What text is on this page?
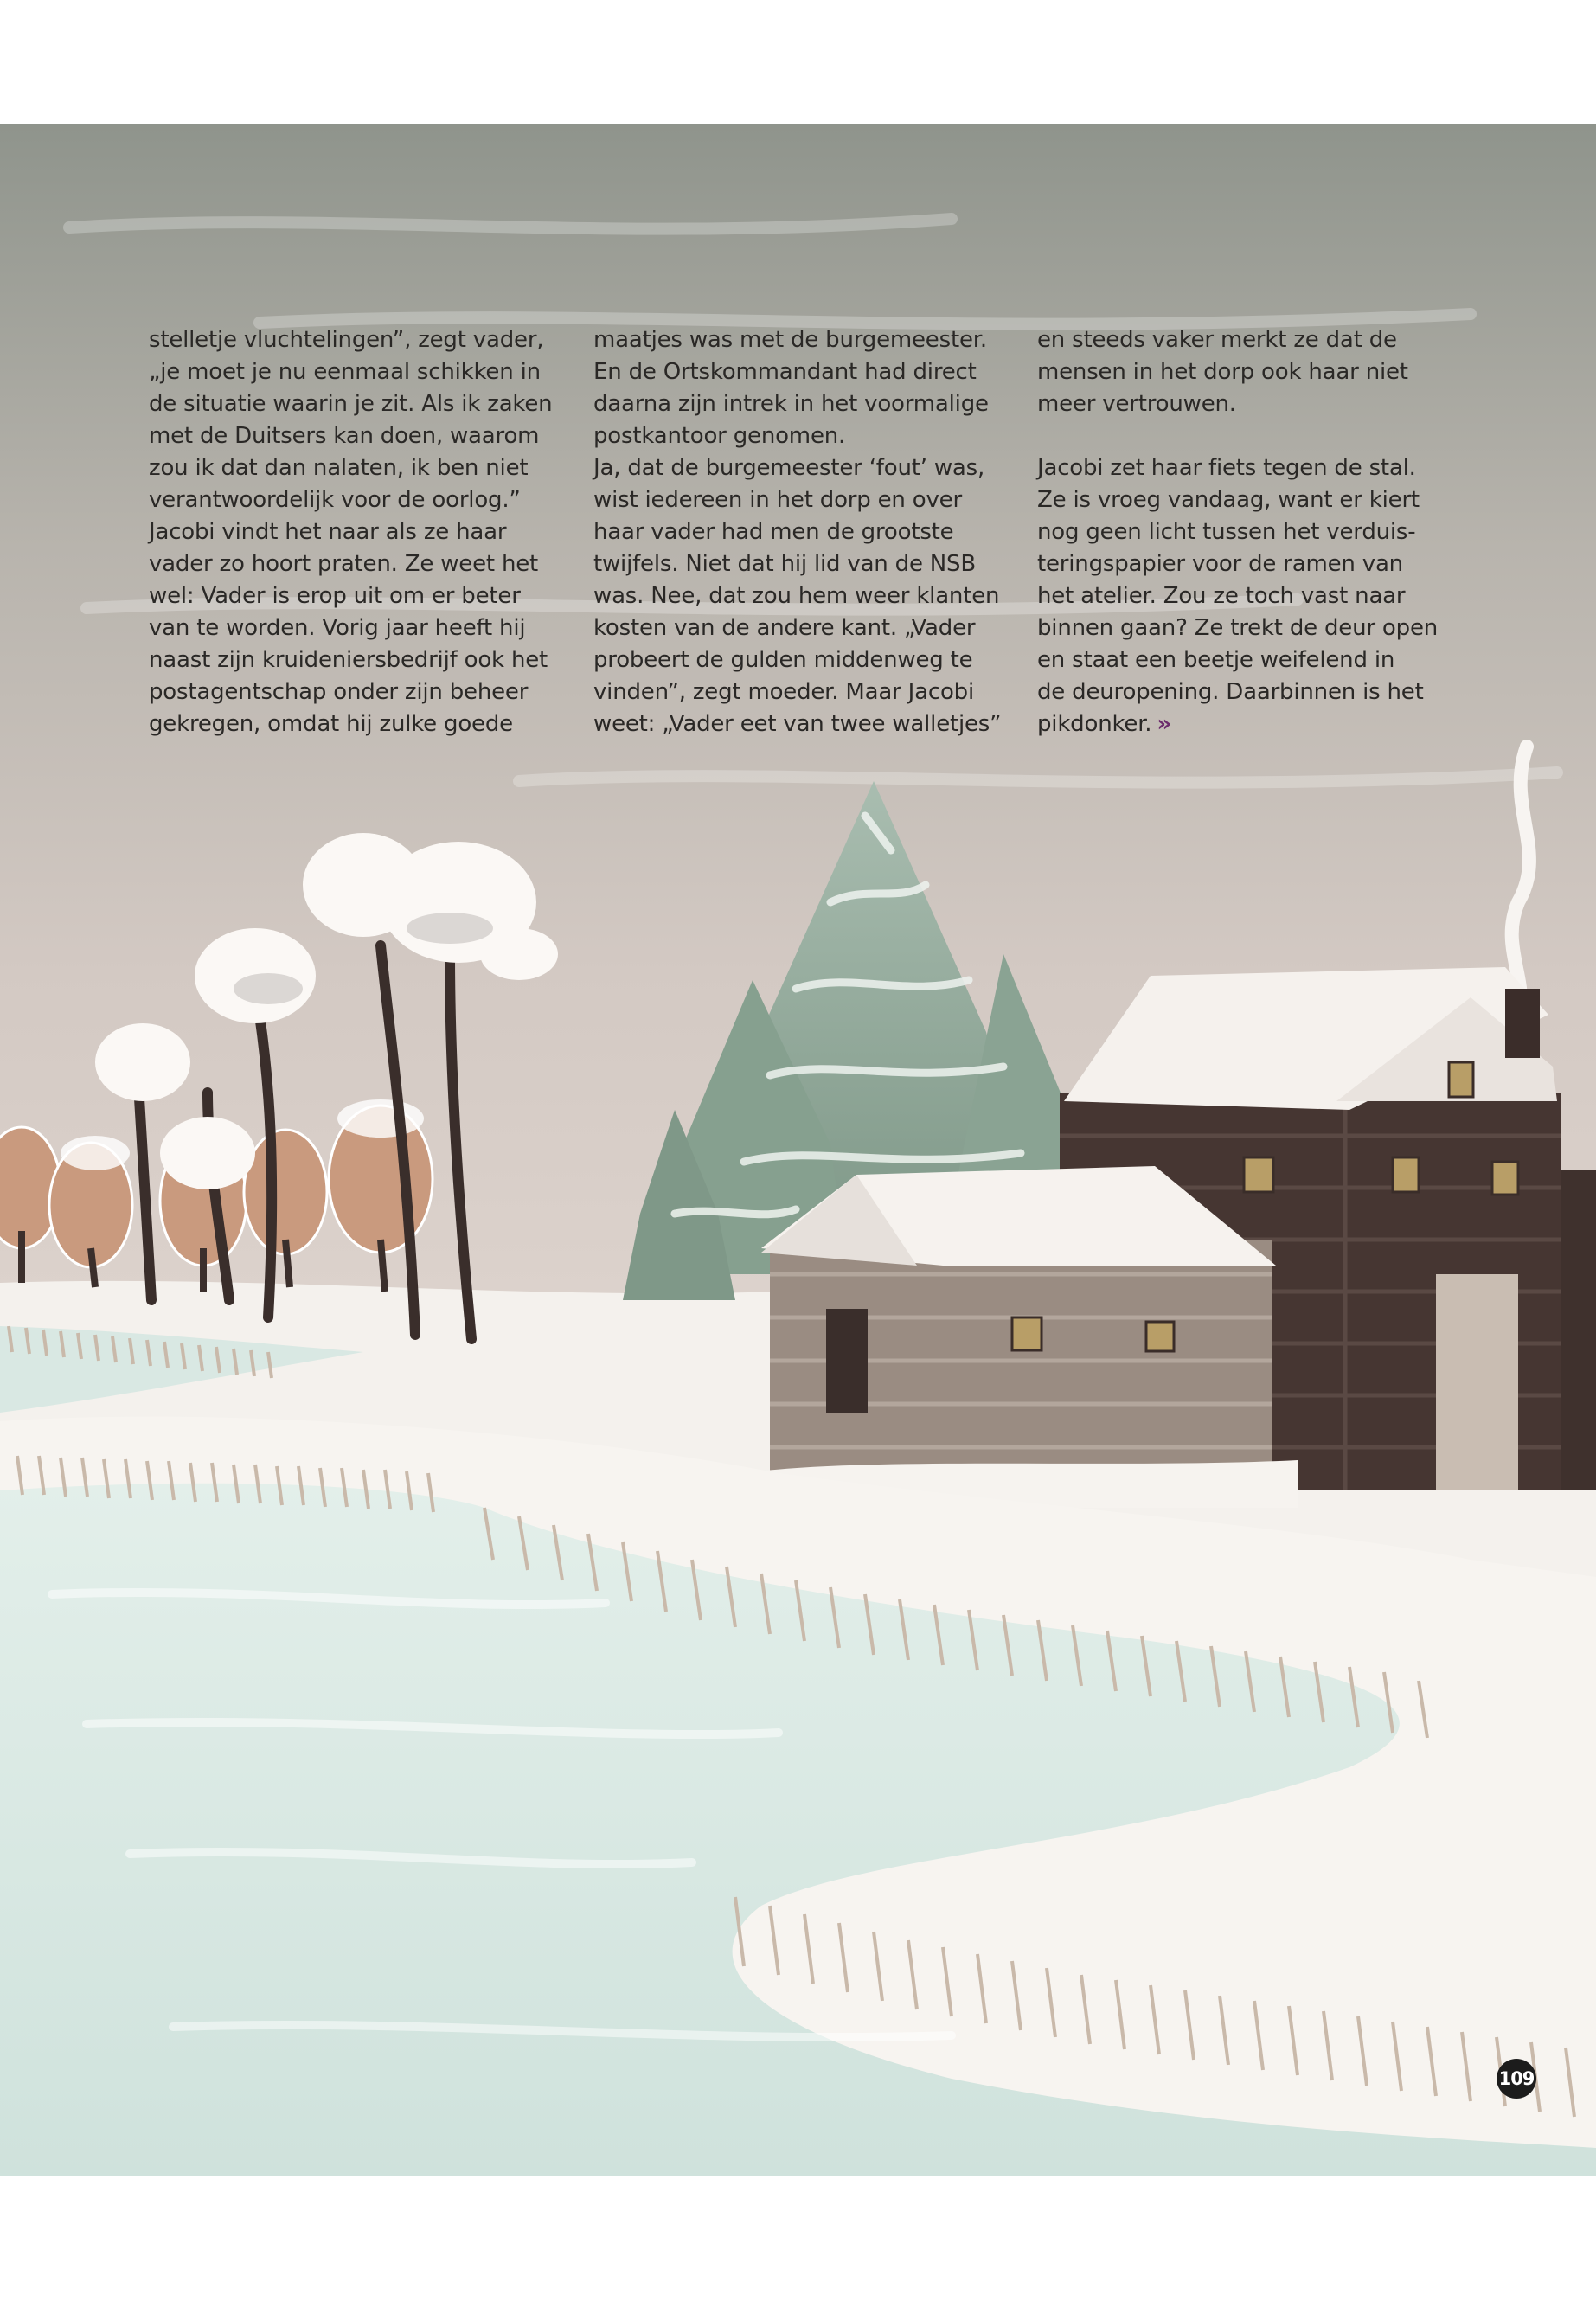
stelletje vluchtelingen”, zegt vader,
„je moet je nu eenmaal schikken in
de situatie waarin je zit. Als ik zaken
met de Duitsers kan doen, waarom
zou ik dat dan nalaten, ik ben niet
verantwoordelijk voor de oorlog.”
Jacobi vindt het naar als ze haar
vader zo hoort praten. Ze weet het
wel: Vader is erop uit om er beter
van te worden. Vorig jaar heeft hij
naast zijn kruideniersbedrijf ook het
postagentschap onder zijn beheer
gekregen, omdat hij zulke goede

maatjes was met de burgemeester.
En de Ortskommandant had direct
daarna zijn intrek in het voormalige
postkantoor genomen.
Ja, dat de burgemeester ‘fout’ was,
wist iedereen in het dorp en over
haar vader had men de grootste
twijfels. Niet dat hij lid van de NSB
was. Nee, dat zou hem weer klanten
kosten van de andere kant. „Vader
probeert de gulden middenweg te
vinden”, zegt moeder. Maar Jacobi
weet: „Vader eet van twee walletjes”

en steeds vaker merkt ze dat de
mensen in het dorp ook haar niet
meer vertrouwen.

Jacobi zet haar fiets tegen de stal.
Ze is vroeg vandaag, want er kiert
nog geen licht tussen het verduis-
teringspapier voor de ramen van
het atelier. Zou ze toch vast naar
binnen gaan? Ze trekt de deur open
en staat een beetje weifelend in
de deuropening. Daarbinnen is het
pikdonker. »

109
